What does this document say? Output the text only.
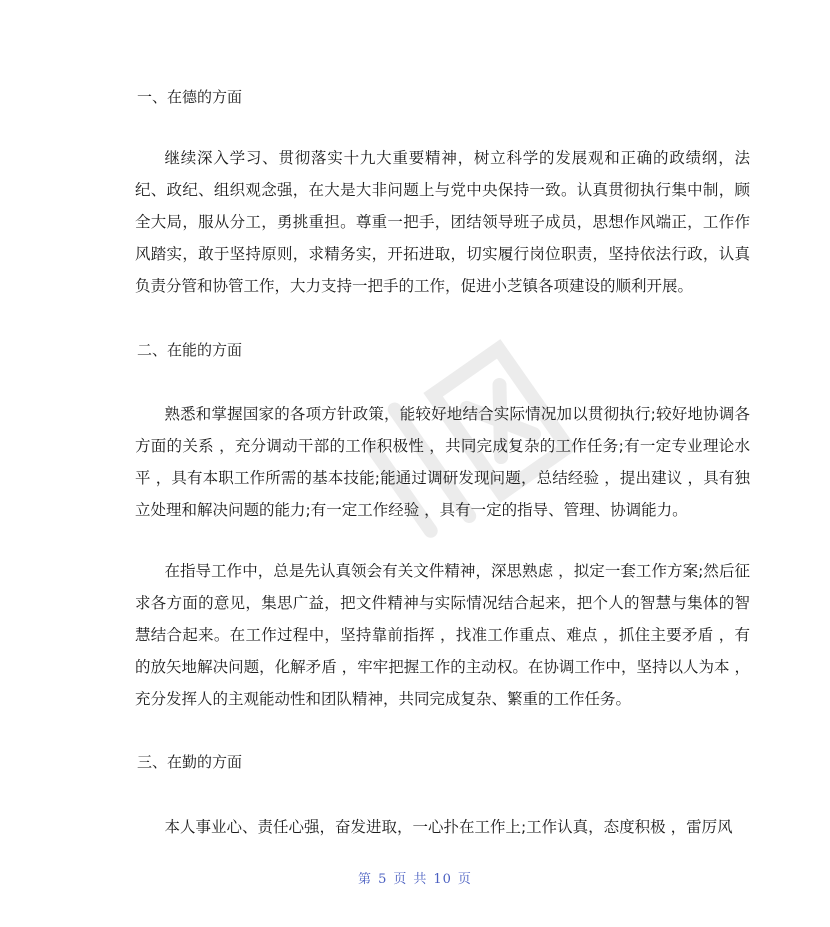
一、在德的方面

继续深入学习、贯彻落实十九大重要精神，树立科学的发展观和正确的政绩纲，法纪、政纪、组织观念强，在大是大非问题上与党中央保持一致。认真贯彻执行集中制，顾全大局，服从分工，勇挑重担。尊重一把手，团结领导班子成员，思想作风端正，工作作风踏实，敢于坚持原则，求精务实，开拓进取，切实履行岗位职责，坚持依法行政，认真负责分管和协管工作，大力支持一把手的工作，促进小芝镇各项建设的顺利开展。

二、在能的方面

熟悉和掌握国家的各项方针政策，能较好地结合实际情况加以贯彻执行;较好地协调各方面的关系 ，充分调动干部的工作积极性 ，共同完成复杂的工作任务;有一定专业理论水平 ，具有本职工作所需的基本技能;能通过调研发现问题，总结经验 ，提出建议 ，具有独立处理和解决问题的能力;有一定工作经验 ，具有一定的指导、管理、协调能力。

在指导工作中，总是先认真领会有关文件精神，深思熟虑 ，拟定一套工作方案;然后征求各方面的意见，集思广益，把文件精神与实际情况结合起来，把个人的智慧与集体的智慧结合起来。在工作过程中，坚持靠前指挥 ，找准工作重点、难点 ，抓住主要矛盾 ，有的放矢地解决问题，化解矛盾 ，牢牢把握工作的主动权。在协调工作中，坚持以人为本 ，充分发挥人的主观能动性和团队精神，共同完成复杂、繁重的工作任务。

三、在勤的方面

本人事业心、责任心强，奋发进取，一心扑在工作上;工作认真，态度积极 ，雷厉风

第 5 页 共 10 页
